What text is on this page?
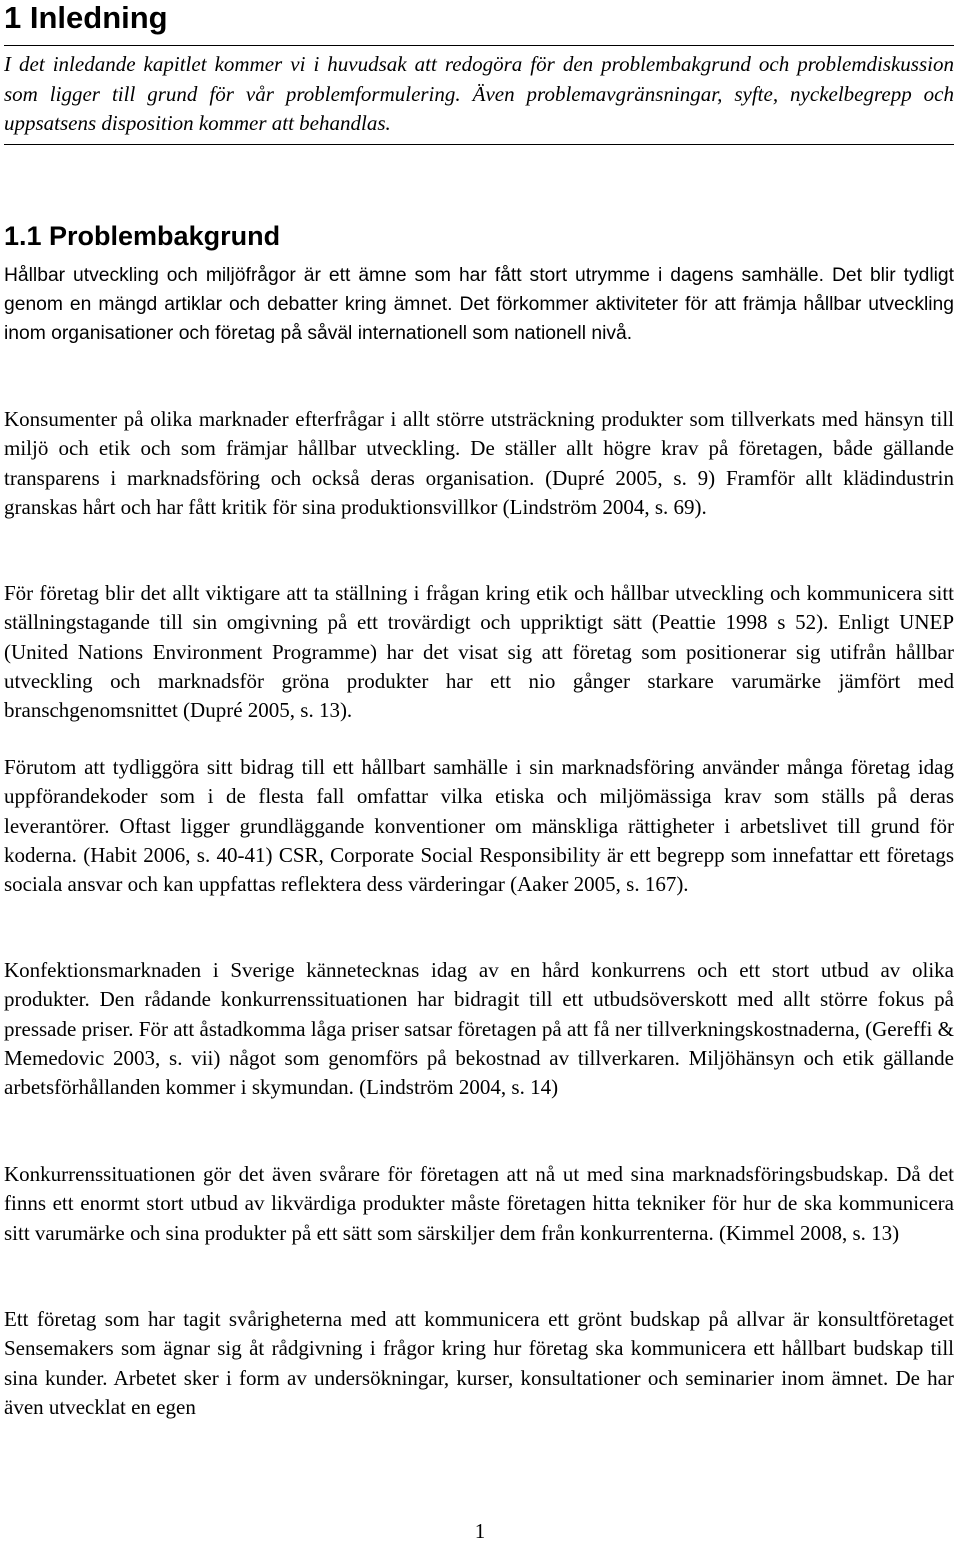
1 Inledning

I det inledande kapitlet kommer vi i huvudsak att redogöra för den problembakgrund och problemdiskussion som ligger till grund för vår problemformulering. Även problemavgränsningar, syfte, nyckelbegrepp och uppsatsens disposition kommer att behandlas.

1.1 Problembakgrund

Hållbar utveckling och miljöfrågor är ett ämne som har fått stort utrymme i dagens samhälle. Det blir tydligt genom en mängd artiklar och debatter kring ämnet. Det förkommer aktiviteter för att främja hållbar utveckling inom organisationer och företag på såväl internationell som nationell nivå.

Konsumenter på olika marknader efterfrågar i allt större utsträckning produkter som tillverkats med hänsyn till miljö och etik och som främjar hållbar utveckling. De ställer allt högre krav på företagen, både gällande transparens i marknadsföring och också deras organisation. (Dupré 2005, s. 9) Framför allt klädindustrin granskas hårt och har fått kritik för sina produktionsvillkor (Lindström 2004, s. 69).

För företag blir det allt viktigare att ta ställning i frågan kring etik och hållbar utveckling och kommunicera sitt ställningstagande till sin omgivning på ett trovärdigt och uppriktigt sätt (Peattie 1998 s 52). Enligt UNEP (United Nations Environment Programme) har det visat sig att företag som positionerar sig utifrån hållbar utveckling och marknadsför gröna produkter har ett nio gånger starkare varumärke jämfört med branschgenomsnittet (Dupré 2005, s. 13).

Förutom att tydliggöra sitt bidrag till ett hållbart samhälle i sin marknadsföring använder många företag idag uppförandekoder som i de flesta fall omfattar vilka etiska och miljömässiga krav som ställs på deras leverantörer. Oftast ligger grundläggande konventioner om mänskliga rättigheter i arbetslivet till grund för koderna. (Habit 2006, s. 40-41) CSR, Corporate Social Responsibility är ett begrepp som innefattar ett företags sociala ansvar och kan uppfattas reflektera dess värderingar (Aaker 2005, s. 167).

Konfektionsmarknaden i Sverige kännetecknas idag av en hård konkurrens och ett stort utbud av olika produkter. Den rådande konkurrenssituationen har bidragit till ett utbudsöverskott med allt större fokus på pressade priser. För att åstadkomma låga priser satsar företagen på att få ner tillverkningskostnaderna, (Gereffi & Memedovic 2003, s. vii) något som genomförs på bekostnad av tillverkaren. Miljöhänsyn och etik gällande arbetsförhållanden kommer i skymundan. (Lindström 2004, s. 14)

Konkurrenssituationen gör det även svårare för företagen att nå ut med sina marknadsföringsbudskap. Då det finns ett enormt stort utbud av likvärdiga produkter måste företagen hitta tekniker för hur de ska kommunicera sitt varumärke och sina produkter på ett sätt som särskiljer dem från konkurrenterna. (Kimmel 2008, s. 13)

Ett företag som har tagit svårigheterna med att kommunicera ett grönt budskap på allvar är konsultföretaget Sensemakers som ägnar sig åt rådgivning i frågor kring hur företag ska kommunicera ett hållbart budskap till sina kunder. Arbetet sker i form av undersökningar, kurser, konsultationer och seminarier inom ämnet. De har även utvecklat en egen

1
